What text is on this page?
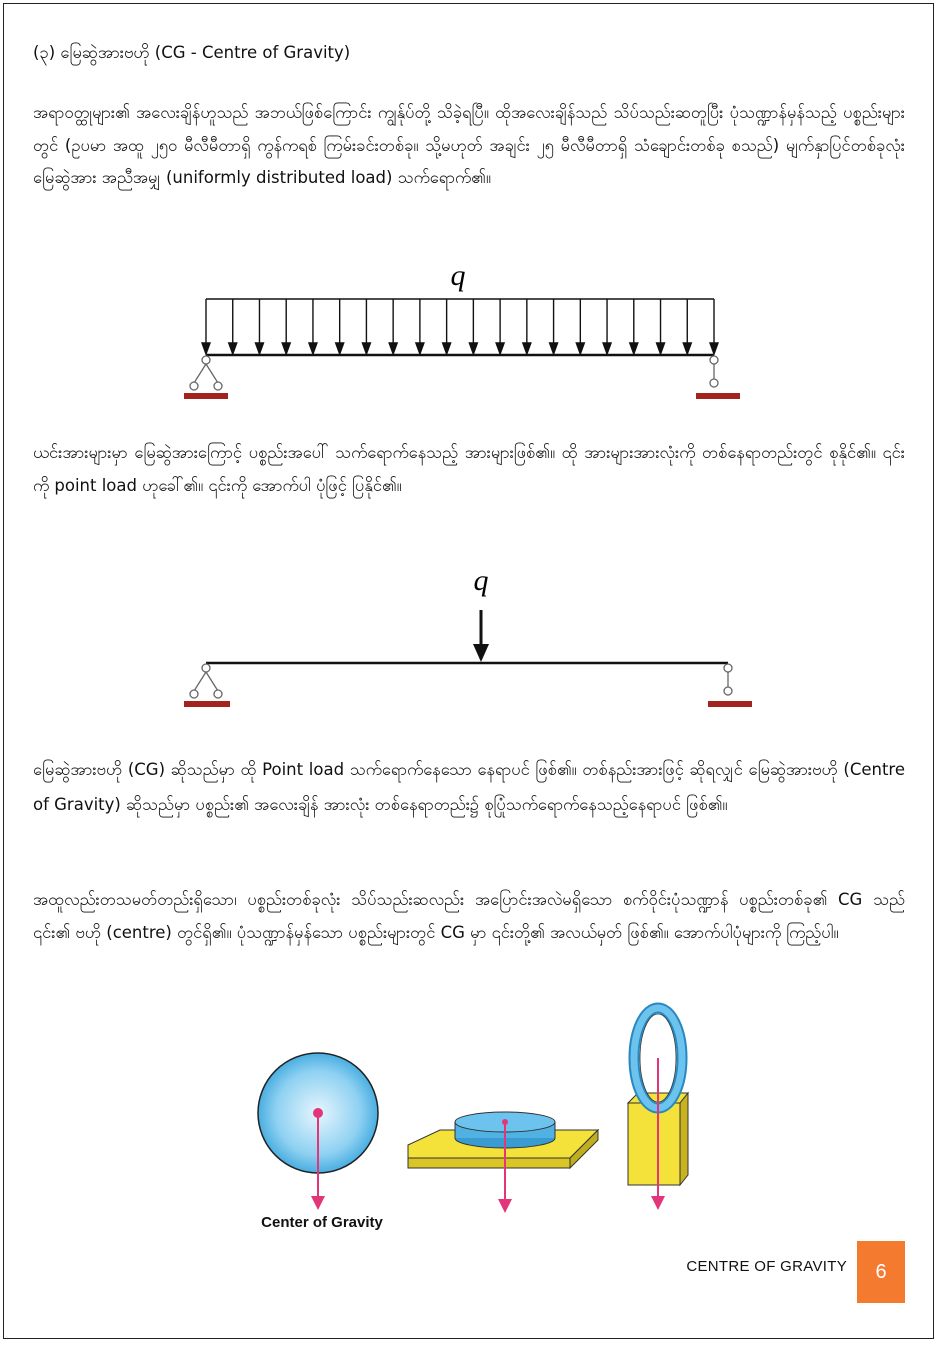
(၃) မြေဆွဲအားဗဟို (CG - Centre of Gravity)
အရာဝတ္ထုများ၏ အလေးချိန်ဟူသည် အဘယ်ဖြစ်ကြောင်း ကျွန်ုပ်တို့ သိခဲ့ရပြီ။ ထိုအလေးချိန်သည် သိပ်သည်းဆတူပြီး ပုံသဏ္ဍာန်မှန်သည့် ပစ္စည်းများတွင် (ဥပမာ အထူ ၂၅၀ မီလီမီတာရှိ ကွန်ကရစ် ကြမ်းခင်းတစ်ခု။ သို့မဟုတ် အချင်း ၂၅ မီလီမီတာရှိ သံချောင်းတစ်ခု စသည်) မျက်နှာပြင်တစ်ခုလုံး မြေဆွဲအား အညီအမျှ (uniformly distributed load) သက်ရောက်၏။
q
ယင်းအားများမှာ မြေဆွဲအားကြောင့် ပစ္စည်းအပေါ် သက်ရောက်နေသည့် အားများဖြစ်၏။ ထို အားများအားလုံးကို တစ်နေရာတည်းတွင် စုနိုင်၏။ ၎င်းကို point load ဟုခေါ်၏။ ၎င်းကို အောက်ပါ ပုံဖြင့် ပြနိုင်၏။
q
မြေဆွဲအားဗဟို (CG) ဆိုသည်မှာ ထို Point load သက်ရောက်နေသော နေရာပင် ဖြစ်၏။ တစ်နည်းအားဖြင့် ဆိုရလျှင် မြေဆွဲအားဗဟို (Centre of Gravity) ဆိုသည်မှာ ပစ္စည်း၏ အလေးချိန် အားလုံး တစ်နေရာတည်း၌ စုပြုံသက်ရောက်နေသည့်နေရာပင် ဖြစ်၏။
အထူလည်းတသမတ်တည်းရှိသော၊ ပစ္စည်းတစ်ခုလုံး သိပ်သည်းဆလည်း အပြောင်းအလဲမရှိသော စက်ဝိုင်းပုံသဏ္ဍာန် ပစ္စည်းတစ်ခု၏ CG သည် ၎င်း၏ ဗဟို (centre) တွင်ရှိ၏။ ပုံသဏ္ဍာန်မှန်သော ပစ္စည်းများတွင် CG မှာ ၎င်းတို့၏ အလယ်မှတ် ဖြစ်၏။ အောက်ပါပုံများကို ကြည့်ပါ။
Center of Gravity
CENTRE OF GRAVITY	6
